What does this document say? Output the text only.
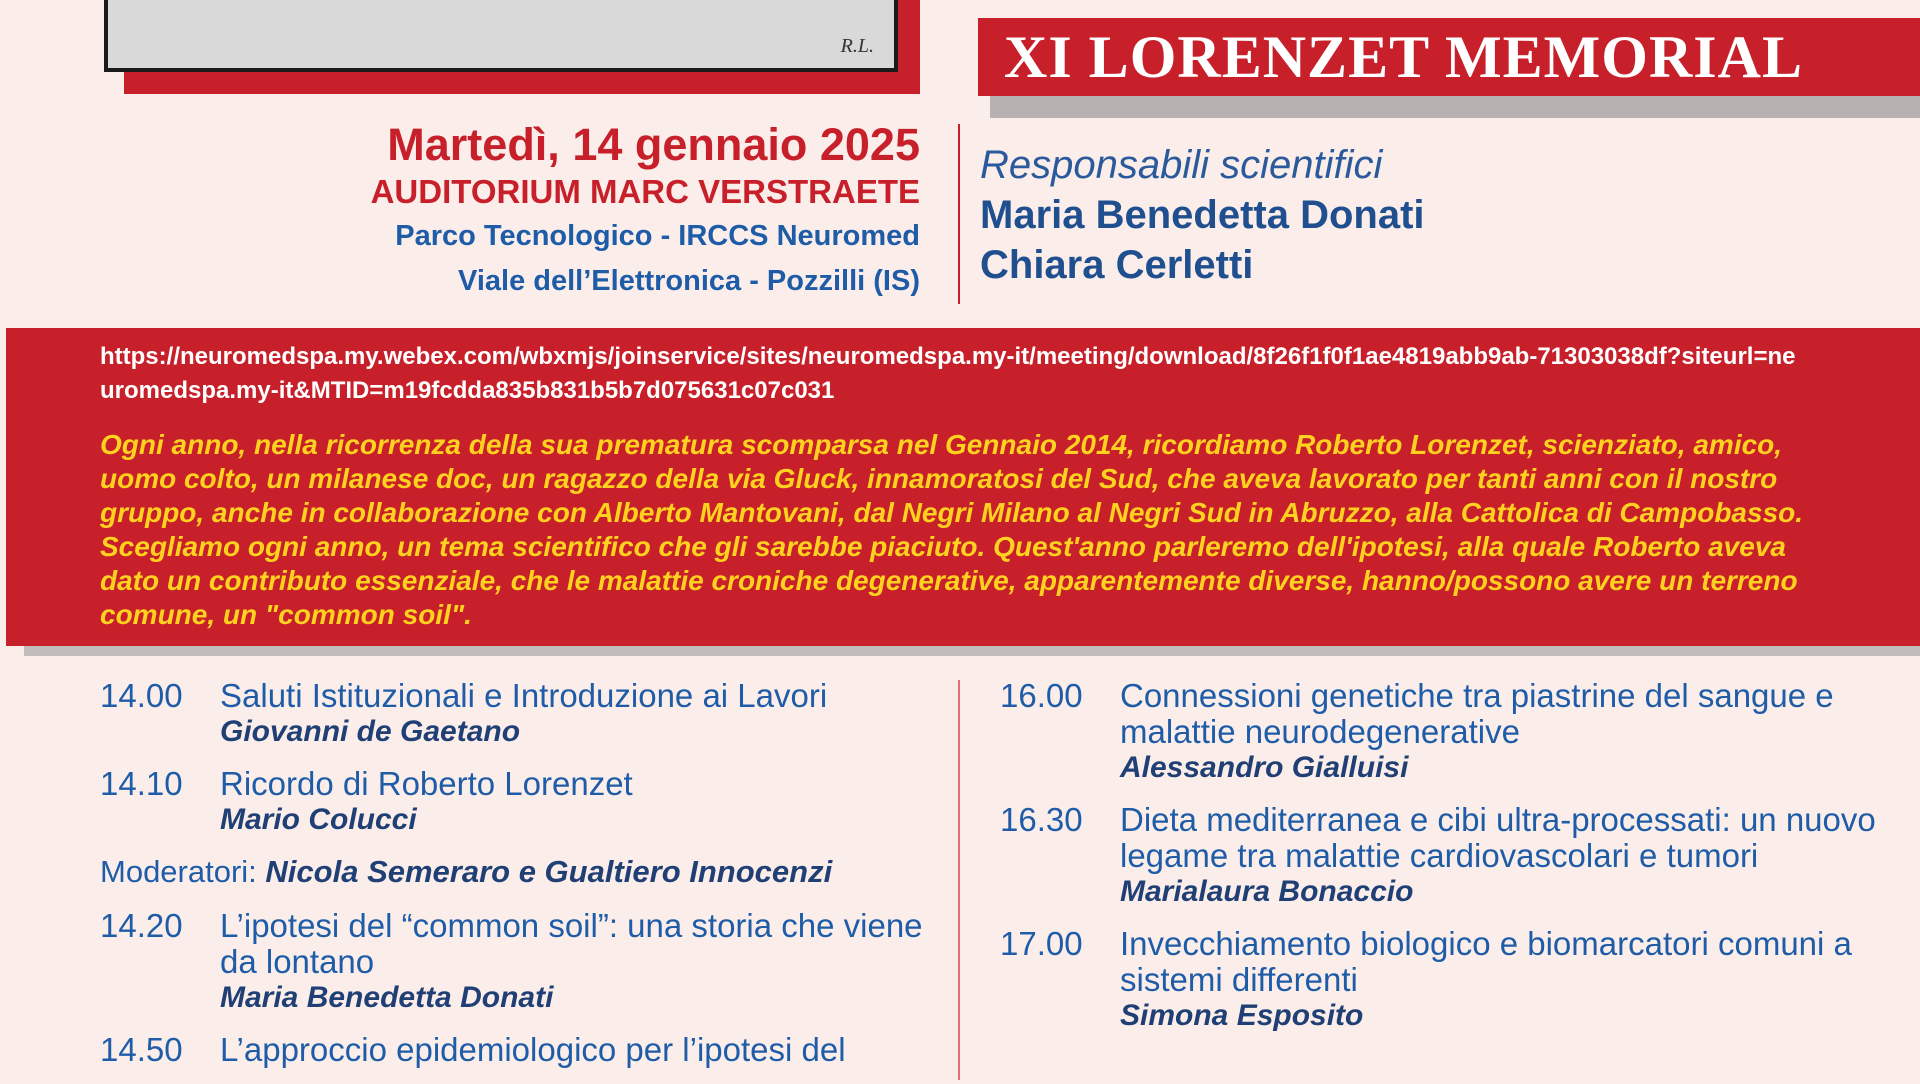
R.L.	XI LORENZET MEMORIAL
Martedì, 14 gennaio 2025
AUDITORIUM MARC VERSTRAETE
Parco Tecnologico - IRCCS Neuromed
Viale dell’Elettronica - Pozzilli (IS)
Responsabili scientifici
Maria Benedetta Donati
Chiara Cerletti
https://neuromedspa.my.webex.com/wbxmjs/joinservice/sites/neuromedspa.my-it/meeting/download/8f26f1f0f1ae4819abb9ab-71303038df?siteurl=neuromedspa.my-it&MTID=m19fcdda835b831b5b7d075631c07c031
Ogni anno, nella ricorrenza della sua prematura scomparsa nel Gennaio 2014, ricordiamo Roberto Lorenzet, scienziato, amico, uomo colto, un milanese doc, un ragazzo della via Gluck, innamoratosi del Sud, che aveva lavorato per tanti anni con il nostro gruppo, anche in collaborazione con Alberto Mantovani, dal Negri Milano al Negri Sud in Abruzzo, alla Cattolica di Campobasso. Scegliamo ogni anno, un tema scientifico che gli sarebbe piaciuto. Quest'anno parleremo dell'ipotesi, alla quale Roberto aveva dato un contributo essenziale, che le malattie croniche degenerative, apparentemente diverse, hanno/possono avere un terreno comune, un "common soil".
14.00 Saluti Istituzionali e Introduzione ai Lavori
Giovanni de Gaetano
14.10 Ricordo di Roberto Lorenzet
Mario Colucci
Moderatori: Nicola Semeraro e Gualtiero Innocenzi
14.20 L’ipotesi del “common soil”: una storia che viene da lontano
Maria Benedetta Donati
14.50 L’approccio epidemiologico per l’ipotesi del
16.00 Connessioni genetiche tra piastrine del sangue e malattie neurodegenerative
Alessandro Gialluisi
16.30 Dieta mediterranea e cibi ultra-processati: un nuovo legame tra malattie cardiovascolari e tumori
Marialaura Bonaccio
17.00 Invecchiamento biologico e biomarcatori comuni a sistemi differenti
Simona Esposito
